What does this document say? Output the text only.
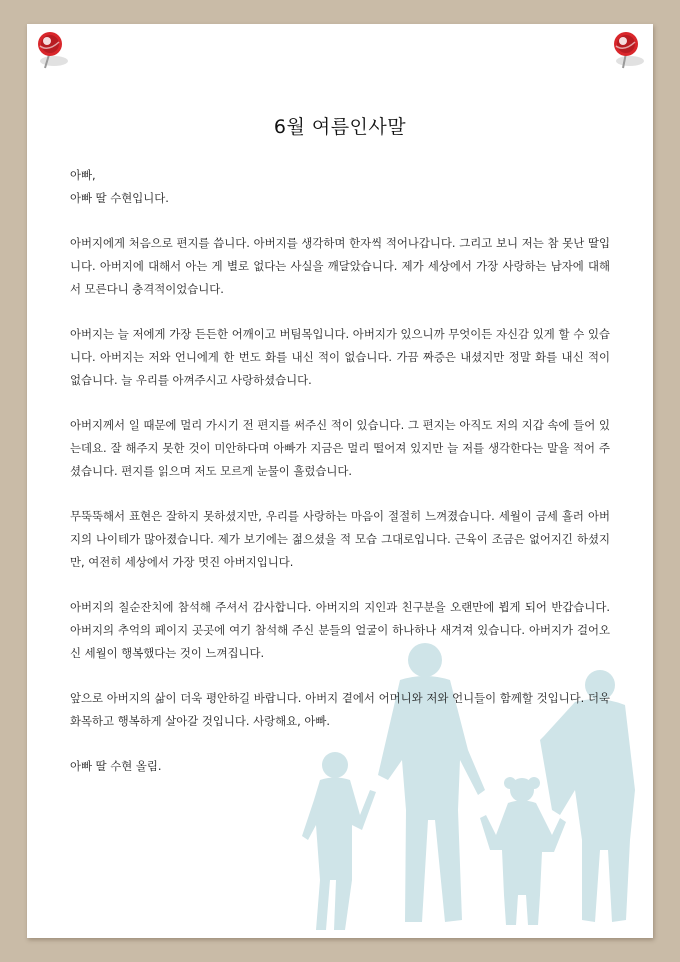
6월 여름인사말

아빠,

아빠 딸 수현입니다.

아버지에게 처음으로 편지를 씁니다. 아버지를 생각하며 한자씩 적어나갑니다. 그리고 보니 저는 참 못난 딸입니다. 아버지에 대해서 아는 게 별로 없다는 사실을 깨달았습니다. 제가 세상에서 가장 사랑하는 남자에 대해서 모른다니 충격적이었습니다.

아버지는 늘 저에게 가장 든든한 어깨이고 버팀목입니다. 아버지가 있으니까 무엇이든 자신감 있게 할 수 있습니다. 아버지는 저와 언니에게 한 번도 화를 내신 적이 없습니다. 가끔 짜증은 내셨지만 정말 화를 내신 적이 없습니다. 늘 우리를 아껴주시고 사랑하셨습니다.

아버지께서 일 때문에 멀리 가시기 전 편지를 써주신 적이 있습니다. 그 편지는 아직도 저의 지갑 속에 들어 있는데요. 잘 해주지 못한 것이 미안하다며 아빠가 지금은 멀리 떨어져 있지만 늘 저를 생각한다는 말을 적어 주셨습니다. 편지를 읽으며 저도 모르게 눈물이 흘렀습니다.

무뚝뚝해서 표현은 잘하지 못하셨지만, 우리를 사랑하는 마음이 절절히 느껴졌습니다. 세월이 금세 흘러 아버지의 나이테가 많아졌습니다. 제가 보기에는 젊으셨을 적 모습 그대로입니다. 근육이 조금은 없어지긴 하셨지만, 여전히 세상에서 가장 멋진 아버지입니다.

아버지의 칠순잔치에 참석해 주셔서 감사합니다. 아버지의 지인과 친구분을 오랜만에 뵙게 되어 반갑습니다. 아버지의 추억의 페이지 곳곳에 여기 참석해 주신 분들의 얼굴이 하나하나 새겨져 있습니다. 아버지가 걸어오신 세월이 행복했다는 것이 느껴집니다.

앞으로 아버지의 삶이 더욱 평안하길 바랍니다. 아버지 곁에서 어머니와 저와 언니들이 함께할 것입니다. 더욱 화목하고 행복하게 살아갈 것입니다. 사랑해요, 아빠.

아빠 딸 수현 올림.
